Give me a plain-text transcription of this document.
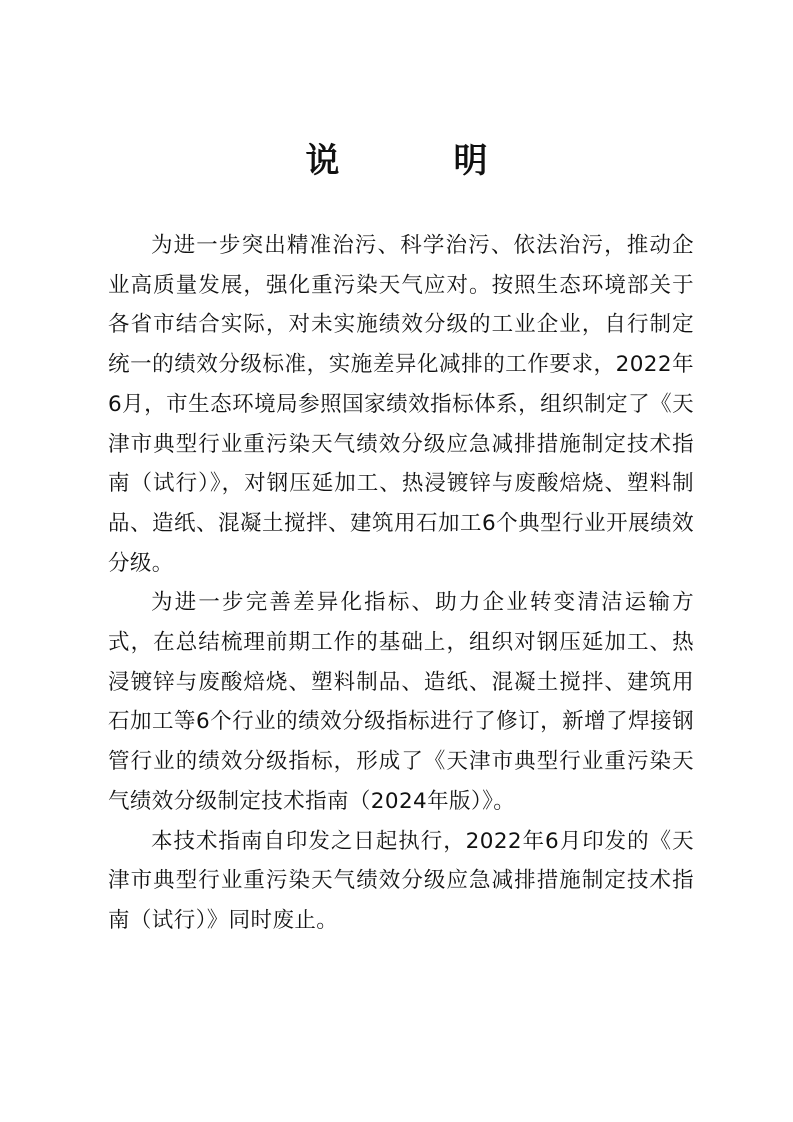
说　明

为进一步突出精准治污、科学治污、依法治污，推动企业高质量发展，强化重污染天气应对。按照生态环境部关于各省市结合实际，对未实施绩效分级的工业企业，自行制定统一的绩效分级标准，实施差异化减排的工作要求，2022年6月，市生态环境局参照国家绩效指标体系，组织制定了《天津市典型行业重污染天气绩效分级应急减排措施制定技术指南（试行）》，对钢压延加工、热浸镀锌与废酸焙烧、塑料制品、造纸、混凝土搅拌、建筑用石加工6个典型行业开展绩效分级。

为进一步完善差异化指标、助力企业转变清洁运输方式，在总结梳理前期工作的基础上，组织对钢压延加工、热浸镀锌与废酸焙烧、塑料制品、造纸、混凝土搅拌、建筑用石加工等6个行业的绩效分级指标进行了修订，新增了焊接钢管行业的绩效分级指标，形成了《天津市典型行业重污染天气绩效分级制定技术指南（2024年版）》。

本技术指南自印发之日起执行，2022年6月印发的《天津市典型行业重污染天气绩效分级应急减排措施制定技术指南（试行）》同时废止。
